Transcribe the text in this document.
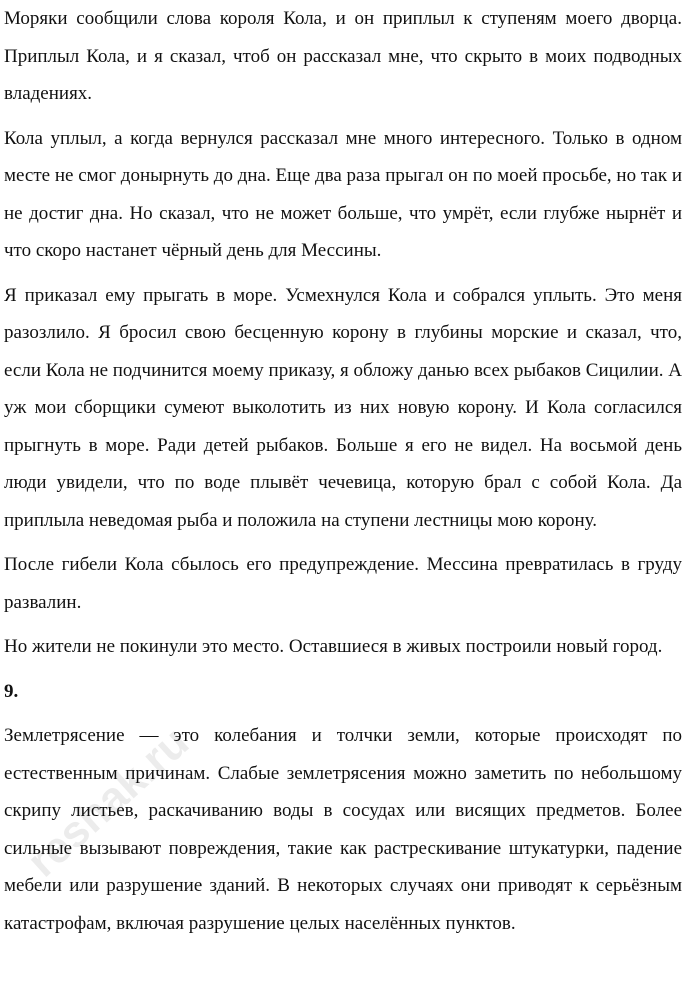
Моряки сообщили слова короля Кола, и он приплыл к ступеням моего дворца. Приплыл Кола, и я сказал, чтоб он рассказал мне, что скрыто в моих подводных владениях.

Кола уплыл, а когда вернулся рассказал мне много интересного. Только в одном месте не смог донырнуть до дна. Еще два раза прыгал он по моей просьбе, но так и не достиг дна. Но сказал, что не может больше, что умрёт, если глубже нырнёт и что скоро настанет чёрный день для Мессины.

Я приказал ему прыгать в море. Усмехнулся Кола и собрался уплыть. Это меня разозлило. Я бросил свою бесценную корону в глубины морские и сказал, что, если Кола не подчинится моему приказу, я обложу данью всех рыбаков Сицилии. А уж мои сборщики сумеют выколотить из них новую корону. И Кола согласился прыгнуть в море. Ради детей рыбаков. Больше я его не видел. На восьмой день люди увидели, что по воде плывёт чечевица, которую брал с собой Кола. Да приплыла неведомая рыба и положила на ступени лестницы мою корону.

После гибели Кола сбылось его предупреждение. Мессина превратилась в груду развалин.

Но жители не покинули это место. Оставшиеся в живых построили новый город.

9.

Землетрясение — это колебания и толчки земли, которые происходят по естественным причинам. Слабые землетрясения можно заметить по небольшому скрипу листьев, раскачиванию воды в сосудах или висящих предметов. Более сильные вызывают повреждения, такие как растрескивание штукатурки, падение мебели или разрушение зданий. В некоторых случаях они приводят к серьёзным катастрофам, включая разрушение целых населённых пунктов.

reshak.ru
